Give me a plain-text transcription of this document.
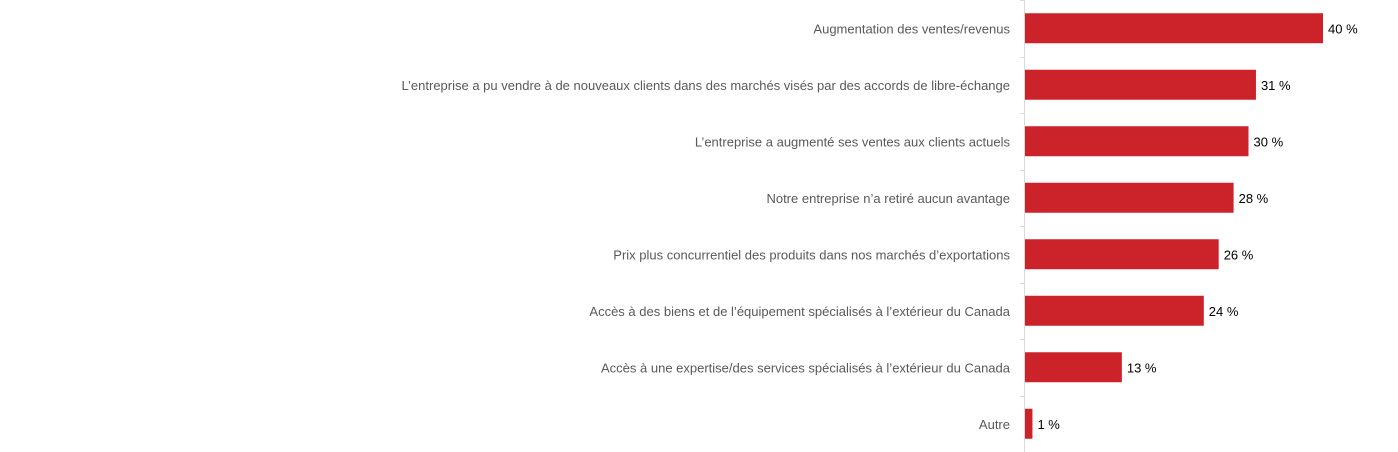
Augmentation des ventes/revenus	40 %
L’entreprise a pu vendre à de nouveaux clients dans des marchés visés par des accords de libre-échange	31 %
L’entreprise a augmenté ses ventes aux clients actuels	30 %
Notre entreprise n’a retiré aucun avantage	28 %
Prix plus concurrentiel des produits dans nos marchés d’exportations	26 %
Accès à des biens et de l’équipement spécialisés à l’extérieur du Canada	24 %
Accès à une expertise/des services spécialisés à l’extérieur du Canada	13 %
Autre 1 %
